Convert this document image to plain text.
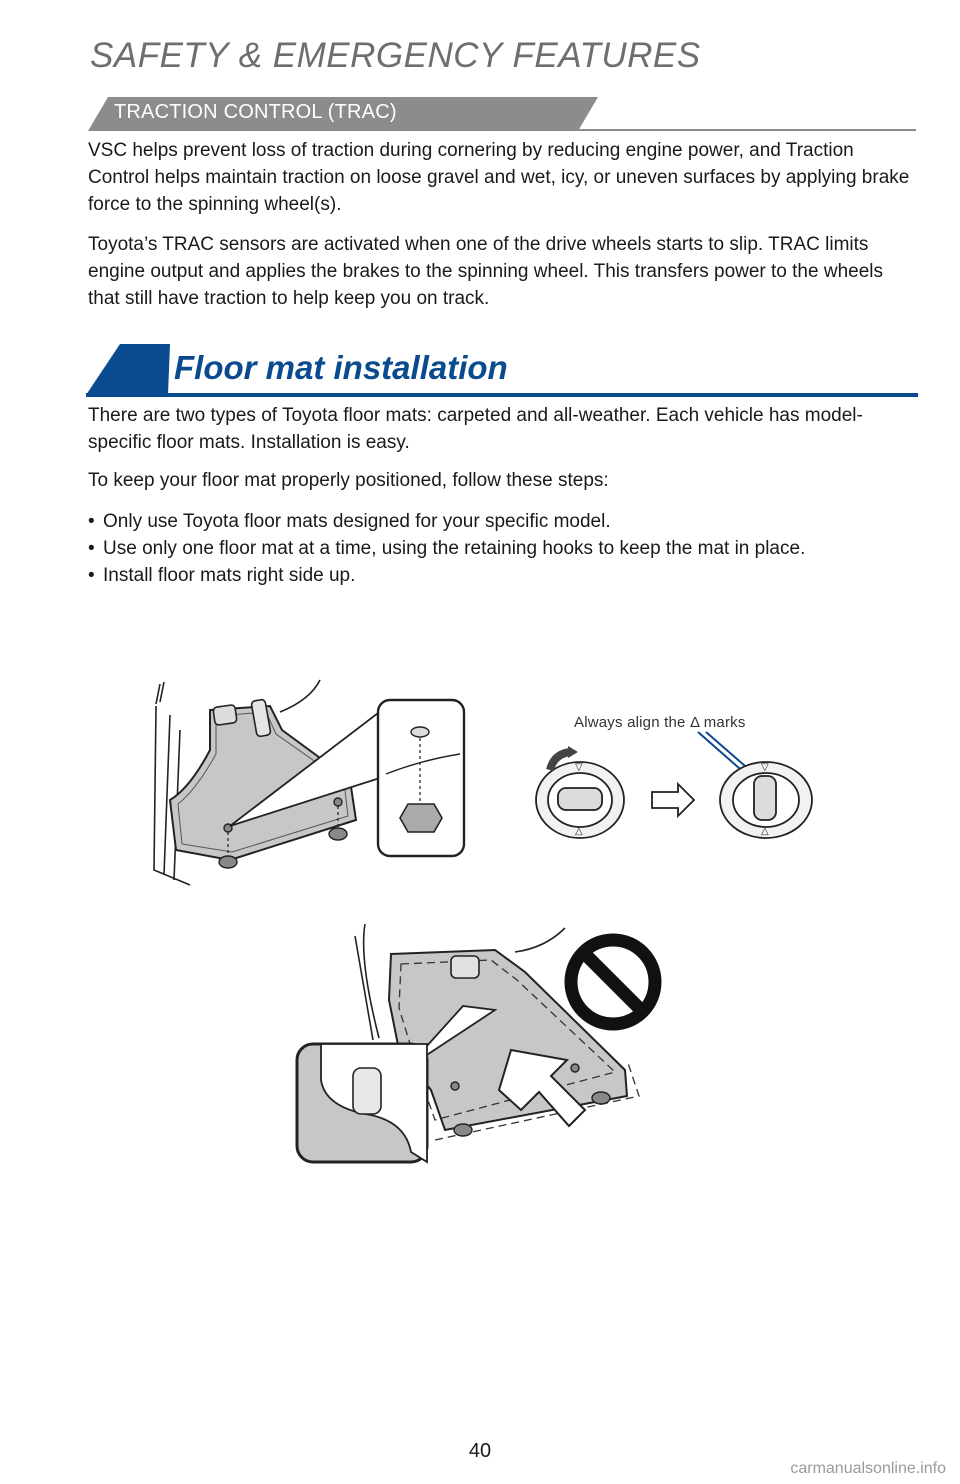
SAFETY & EMERGENCY FEATURES
TRACTION CONTROL (TRAC)

VSC helps prevent loss of traction during cornering by reducing engine power, and Traction Control helps maintain traction on loose gravel and wet, icy, or uneven surfaces by applying brake force to the spinning wheel(s).

Toyota’s TRAC sensors are activated when one of the drive wheels starts to slip. TRAC limits engine output and applies the brakes to the spinning wheel. This transfers power to the wheels that still have traction to help keep you on track.

Floor mat installation

There are two types of Toyota floor mats: carpeted and all-weather. Each vehicle has model-specific floor mats. Installation is easy.

To keep your floor mat properly positioned, follow these steps:

• Only use Toyota floor mats designed for your specific model.
• Use only one floor mat at a time, using the retaining hooks to keep the mat in place.
• Install floor mats right side up.
Always align the Δ marks
▽
△
▽
△
40
carmanualsonline.info
